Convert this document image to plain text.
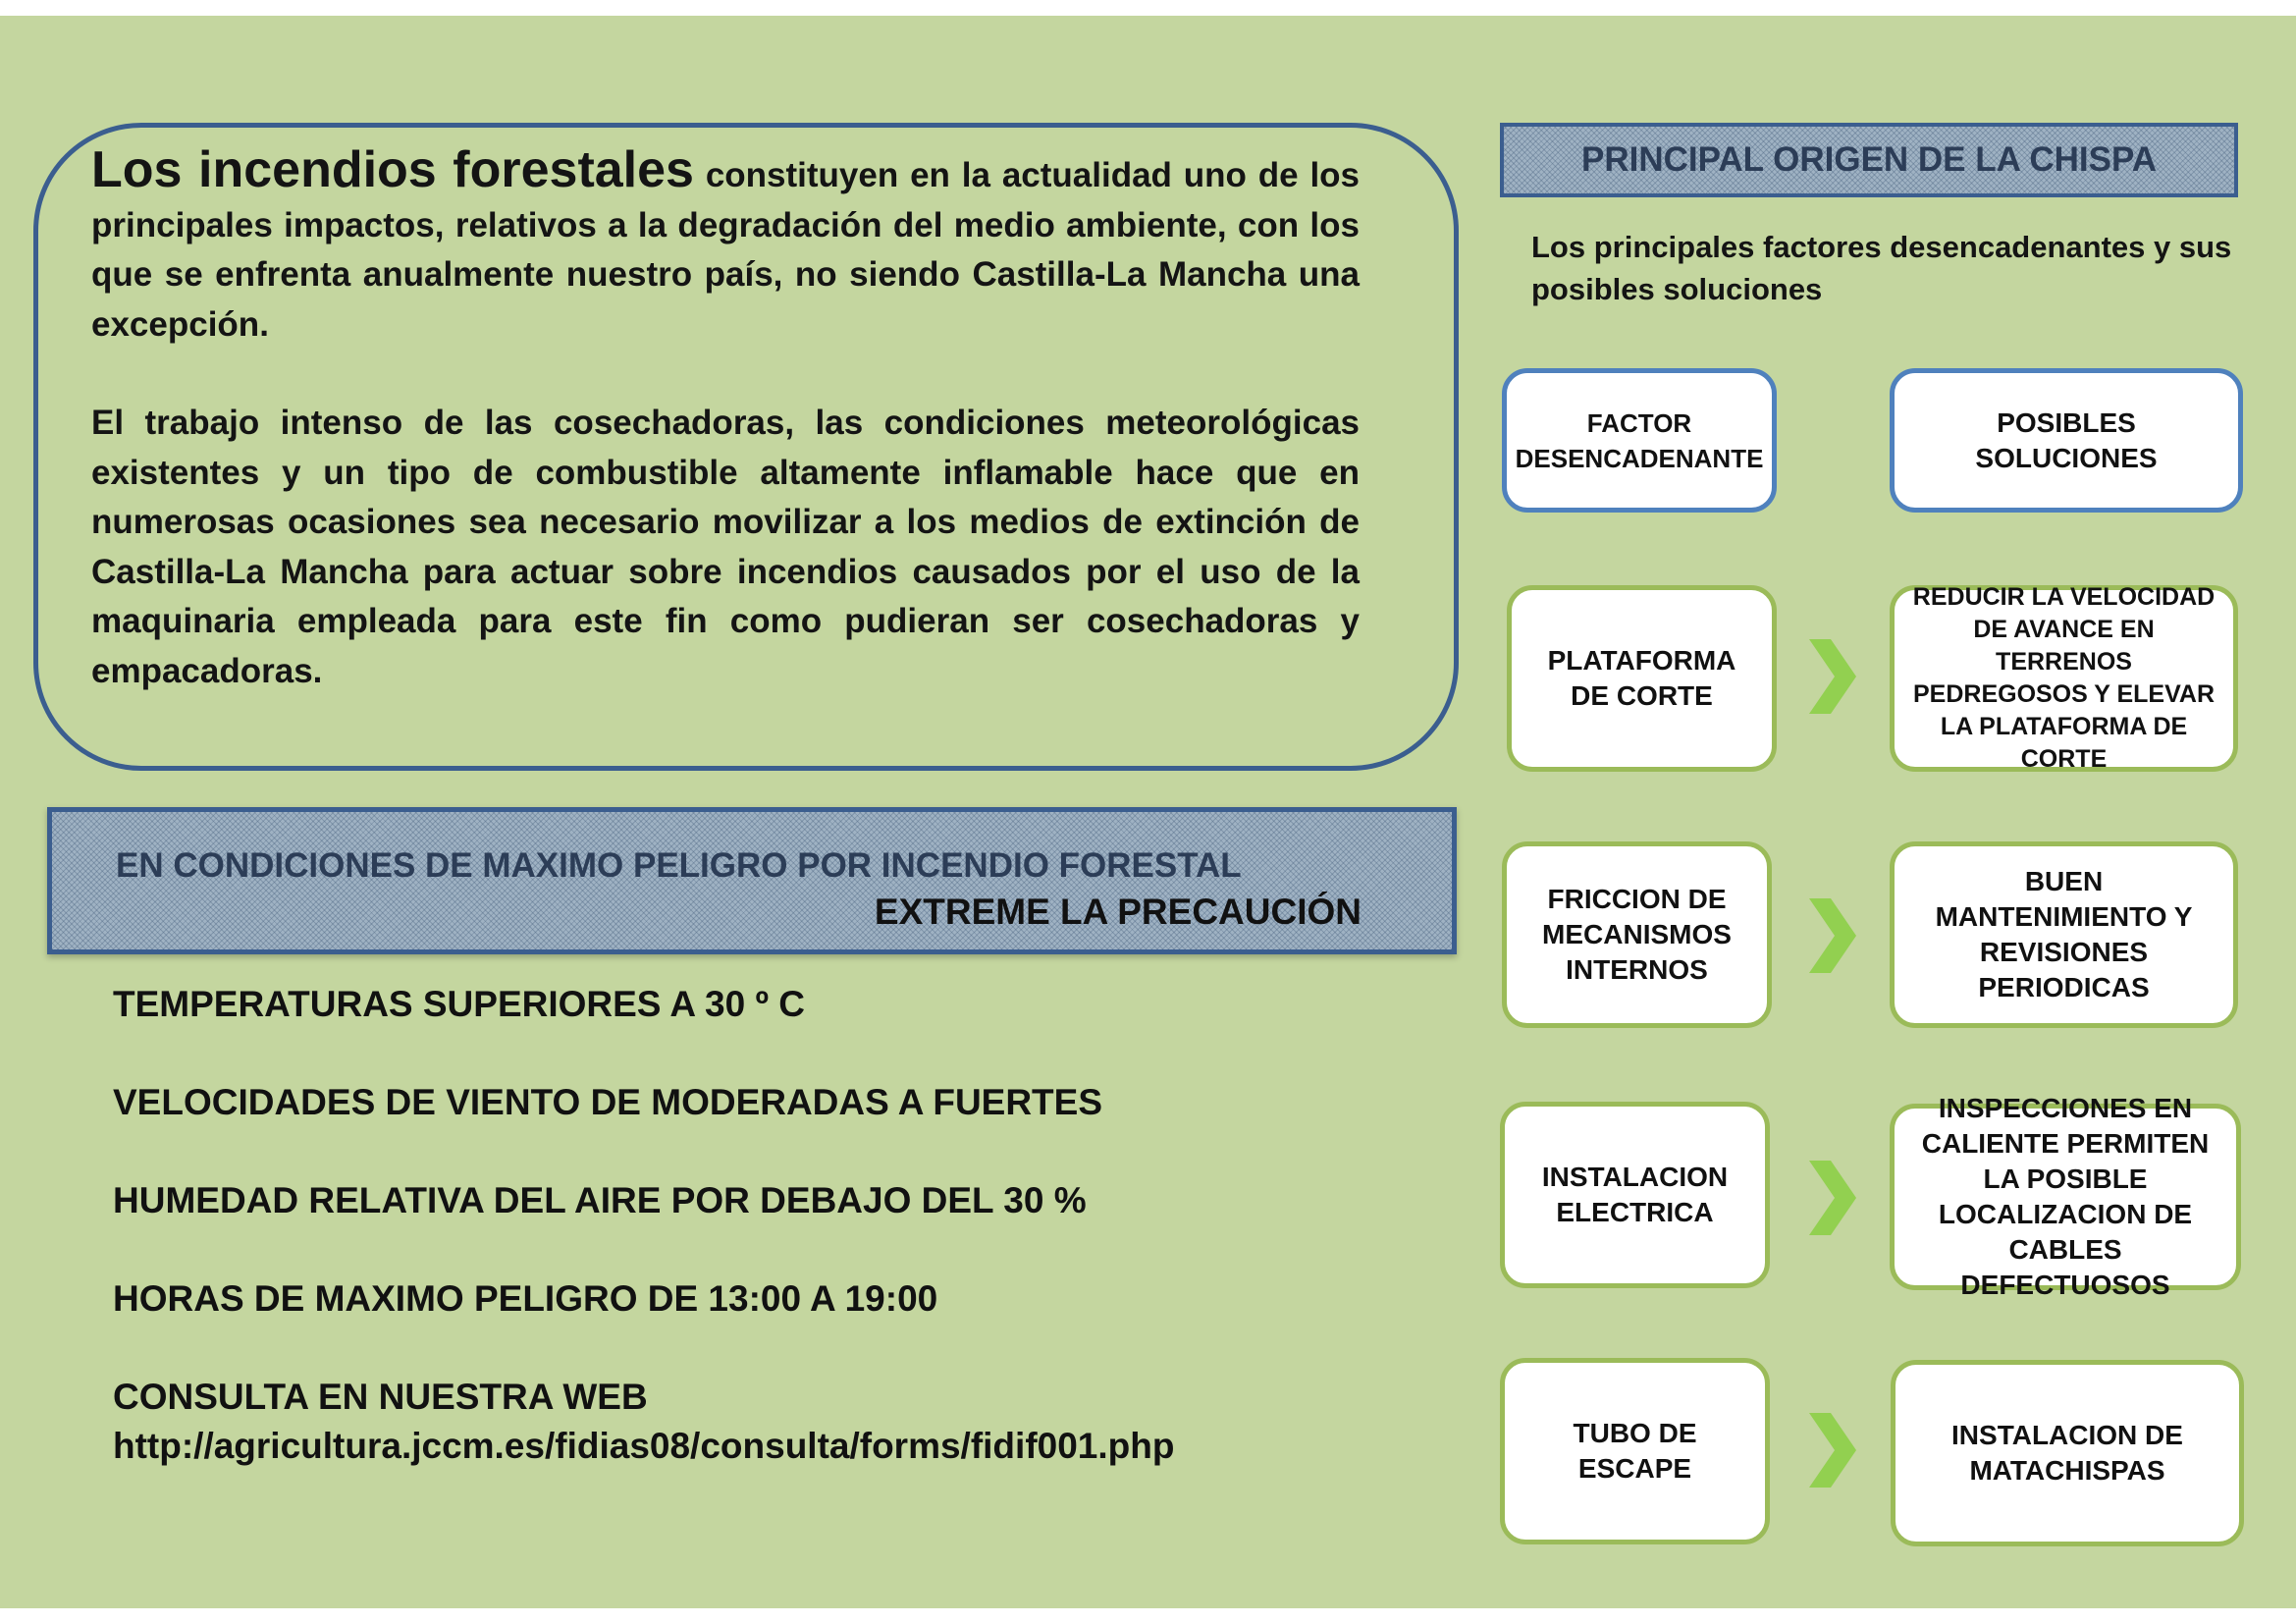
Los incendios forestales constituyen en la actualidad uno de los principales impactos, relativos a la degradación del medio ambiente, con los que se enfrenta anualmente nuestro país, no siendo Castilla-La Mancha una excepción.

El trabajo intenso de las cosechadoras, las condiciones meteorológicas existentes y un tipo de combustible altamente inflamable hace que en numerosas ocasiones sea necesario movilizar a los medios de extinción de Castilla-La Mancha para actuar sobre incendios causados por el uso de la maquinaria empleada para este fin como pudieran ser cosechadoras y empacadoras.

EN CONDICIONES DE MAXIMO PELIGRO POR INCENDIO FORESTAL
EXTREME LA PRECAUCIÓN
TEMPERATURAS SUPERIORES A 30 º C
VELOCIDADES DE VIENTO DE MODERADAS A FUERTES
HUMEDAD RELATIVA DEL AIRE POR DEBAJO DEL 30 %
HORAS DE MAXIMO PELIGRO DE 13:00 A 19:00
CONSULTA EN NUESTRA WEB
http://agricultura.jccm.es/fidias08/consulta/forms/fidif001.php
PRINCIPAL ORIGEN DE LA CHISPA
Los principales factores desencadenantes y sus posibles soluciones
FACTOR DESENCADENANTE
POSIBLES SOLUCIONES
PLATAFORMA DE CORTE
REDUCIR LA VELOCIDAD DE AVANCE EN TERRENOS PEDREGOSOS Y ELEVAR LA PLATAFORMA DE CORTE
FRICCION DE MECANISMOS INTERNOS
BUEN MANTENIMIENTO Y REVISIONES PERIODICAS
INSTALACION ELECTRICA
INSPECCIONES EN CALIENTE PERMITEN LA POSIBLE LOCALIZACION DE CABLES DEFECTUOSOS
TUBO DE ESCAPE
INSTALACION DE MATACHISPAS
